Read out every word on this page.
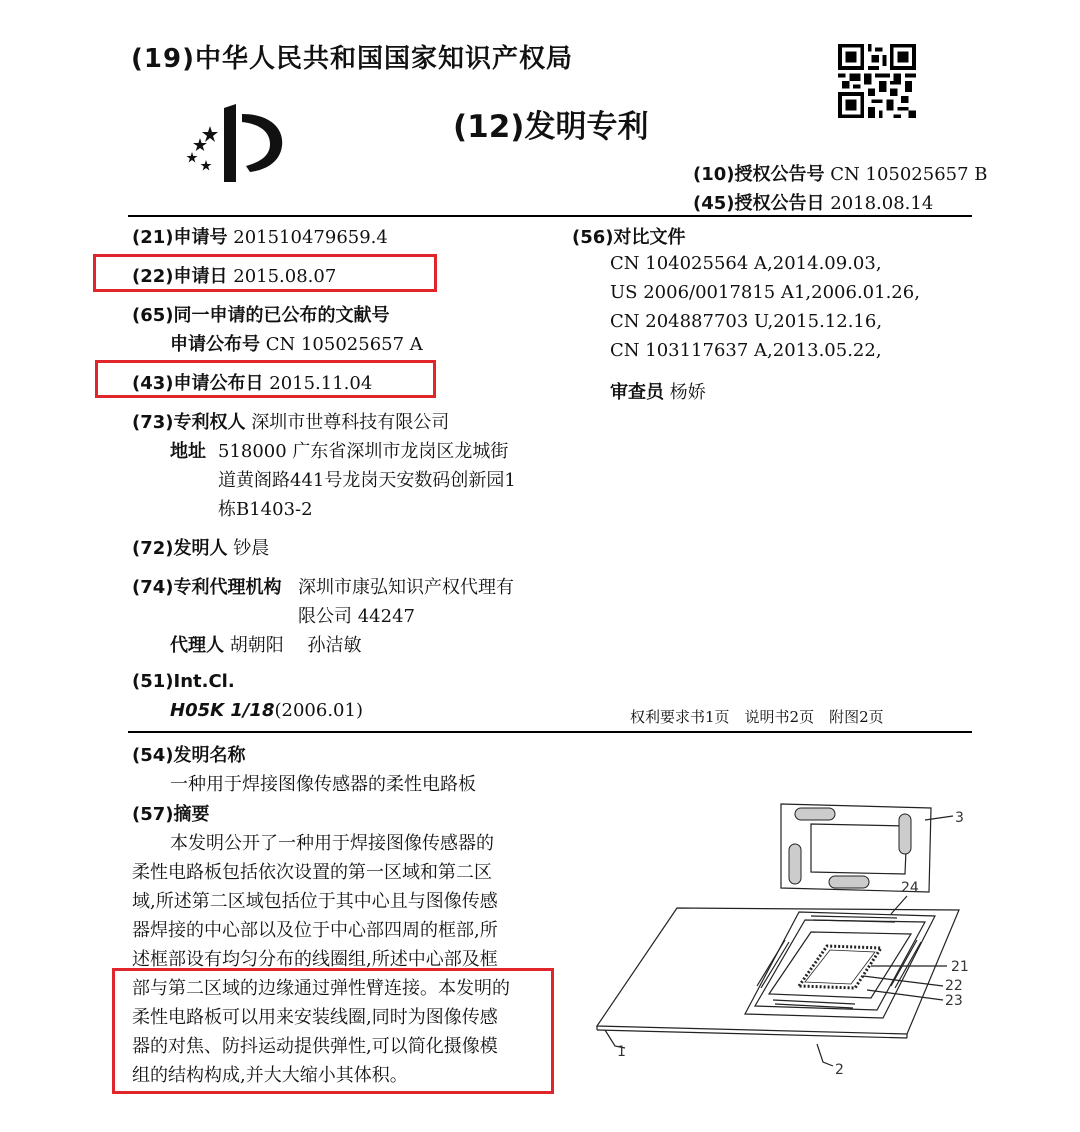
(19)中华人民共和国国家知识产权局
(12)发明专利
(10)授权公告号 CN 105025657 B
(45)授权公告日 2018.08.14
(21)申请号 201510479659.4
(22)申请日 2015.08.07
(65)同一申请的已公布的文献号
申请公布号 CN 105025657 A
(43)申请公布日 2015.11.04
(73)专利权人 深圳市世尊科技有限公司
地址 518000 广东省深圳市龙岗区龙城街
道黄阁路441号龙岗天安数码创新园1
栋B1403-2
(72)发明人 钞晨
(74)专利代理机构 深圳市康弘知识产权代理有
限公司 44247
代理人 胡朝阳　 孙洁敏
(51)Int.Cl.
H05K 1/18(2006.01)
(56)对比文件
CN 104025564 A,2014.09.03,
US 2006/0017815 A1,2006.01.26,
CN 204887703 U,2015.12.16,
CN 103117637 A,2013.05.22,
审查员 杨娇
权利要求书1页　说明书2页　附图2页
(54)发明名称
一种用于焊接图像传感器的柔性电路板
(57)摘要
本发明公开了一种用于焊接图像传感器的
柔性电路板包括依次设置的第一区域和第二区
域,所述第二区域包括位于其中心且与图像传感
器焊接的中心部以及位于中心部四周的框部,所
述框部设有均匀分布的线圈组,所述中心部及框
部与第二区域的边缘通过弹性臂连接。本发明的
柔性电路板可以用来安装线圈,同时为图像传感
器的对焦、防抖运动提供弹性,可以简化摄像模
组的结构构成,并大大缩小其体积。
3
24
21
22
23
1
2
